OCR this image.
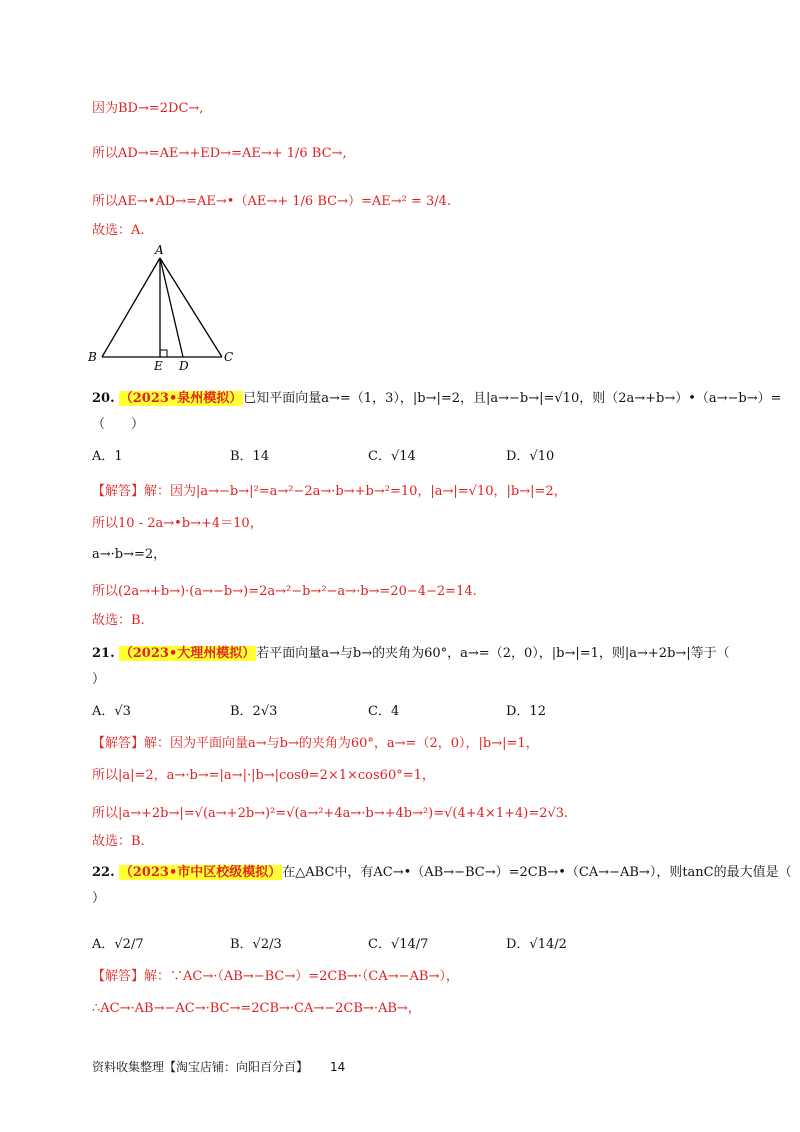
因为BD→=2DC→,
所以AD→=AE→+ED→=AE→+ 1/6 BC→,
所以AE→•AD→=AE→•（AE→+ 1/6 BC→）=AE→² = 3/4.
故选：A.
A
B	C
E D
20. （2023•泉州模拟）已知平面向量a→=（1，3），|b→|=2，且|a→−b→|=√10，则（2a→+b→）•（a→−b→）=
（　　）
A．1	B．14	C．√14	D．√10
【解答】解：因为|a→−b→|²=a→²−2a→·b→+b→²=10，|a→|=√10，|b→|=2，
所以10 - 2a→•b→+4＝10，
a→·b→=2，
所以(2a→+b→)·(a→−b→)=2a→²−b→²−a→·b→=20−4−2=14.
故选：B.
21. （2023•大理州模拟）若平面向量a→与b→的夹角为60°，a→=（2，0），|b→|=1，则|a→+2b→|等于（
）
A．√3	B．2√3	C．4	D．12
【解答】解：因为平面向量a→与b→的夹角为60°，a→=（2，0），|b→|=1，
所以|a|=2，a→·b→=|a→|·|b→|cosθ=2×1×cos60°=1，
所以|a→+2b→|=√(a→+2b→)²=√(a→²+4a→·b→+4b→²)=√(4+4×1+4)=2√3.
故选：B.
22. （2023•市中区校级模拟）在△ABC中，有AC→•（AB→−BC→）=2CB→•（CA→−AB→），则tanC的最大值是（
）
A．√2/7	B．√2/3	C．√14/7	D．√14/2
【解答】解：∵AC→·（AB→−BC→）=2CB→·（CA→−AB→），
∴AC→·AB→−AC→·BC→=2CB→·CA→−2CB→·AB→，
资料收集整理【淘宝店铺：向阳百分百】 14
